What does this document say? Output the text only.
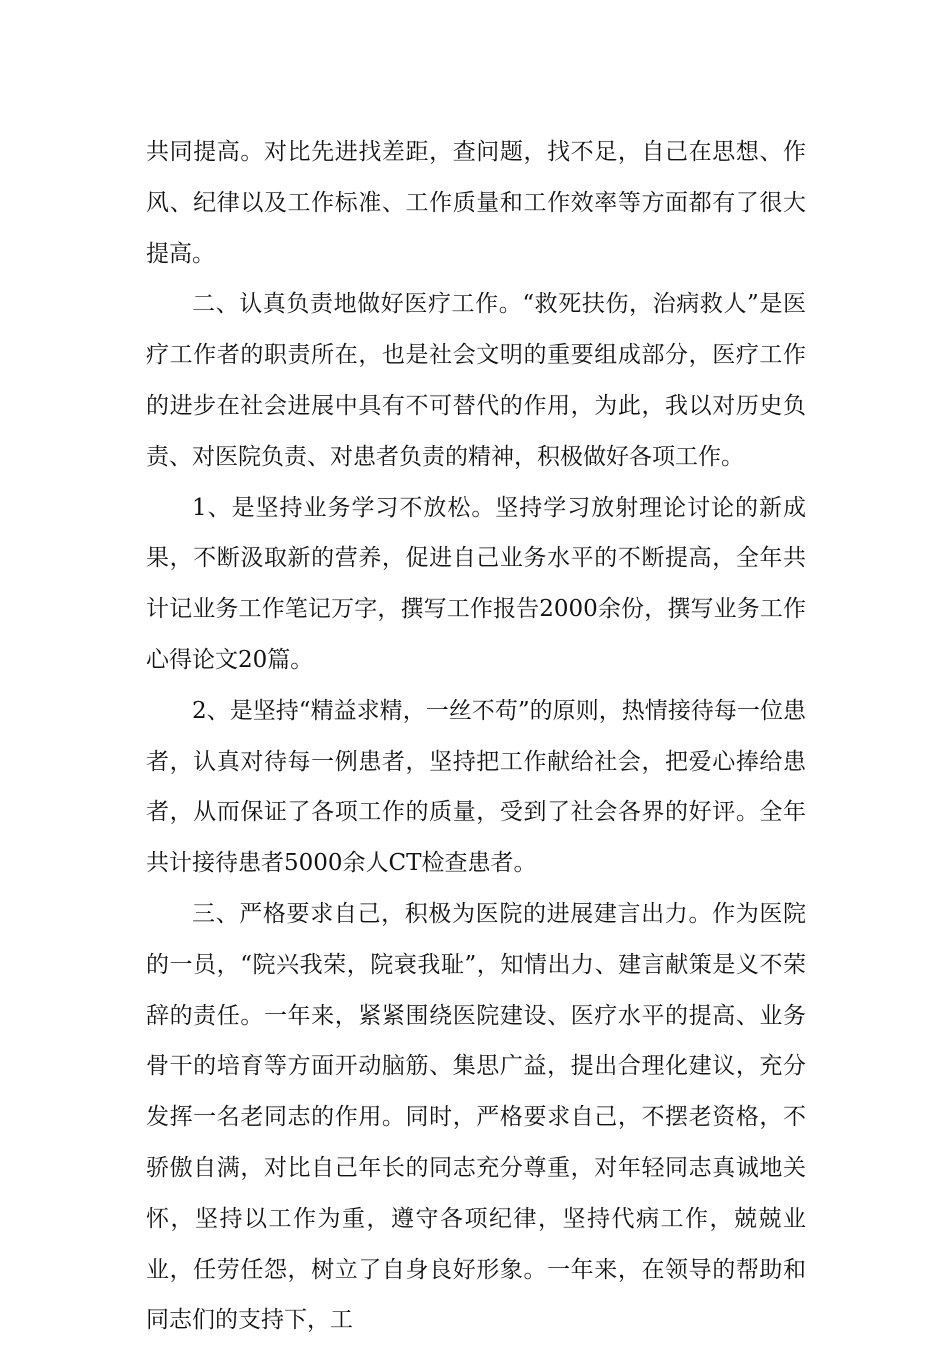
共同提高。对比先进找差距，查问题，找不足，自己在思想、作风、纪律以及工作标准、工作质量和工作效率等方面都有了很大提高。

二、认真负责地做好医疗工作。“救死扶伤，治病救人”是医疗工作者的职责所在，也是社会文明的重要组成部分，医疗工作的进步在社会进展中具有不可替代的作用，为此，我以对历史负责、对医院负责、对患者负责的精神，积极做好各项工作。

1、是坚持业务学习不放松。坚持学习放射理论讨论的新成果，不断汲取新的营养，促进自己业务水平的不断提高，全年共计记业务工作笔记万字，撰写工作报告2000余份，撰写业务工作心得论文20篇。

2、是坚持“精益求精，一丝不苟”的原则，热情接待每一位患者，认真对待每一例患者，坚持把工作献给社会，把爱心捧给患者，从而保证了各项工作的质量，受到了社会各界的好评。全年共计接待患者5000余人CT检查患者。

三、严格要求自己，积极为医院的进展建言出力。作为医院的一员，“院兴我荣，院衰我耻”，知情出力、建言献策是义不荣辞的责任。一年来，紧紧围绕医院建设、医疗水平的提高、业务骨干的培育等方面开动脑筋、集思广益，提出合理化建议，充分发挥一名老同志的作用。同时，严格要求自己，不摆老资格，不骄傲自满，对比自己年长的同志充分尊重，对年轻同志真诚地关怀，坚持以工作为重，遵守各项纪律，坚持代病工作，兢兢业业，任劳任怨，树立了自身良好形象。一年来，在领导的帮助和同志们的支持下，工
